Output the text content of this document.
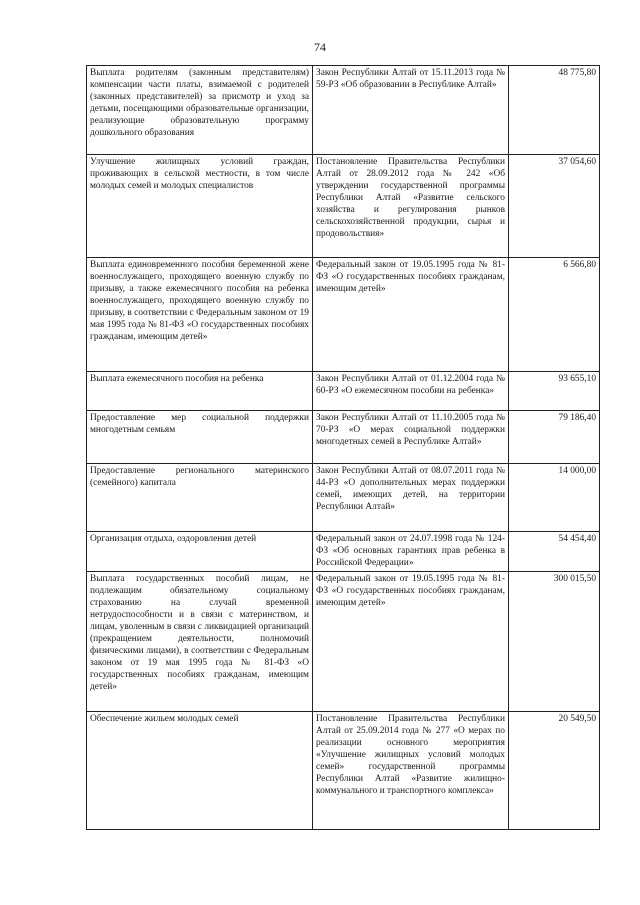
74
Выплата родителям (законным представителям) компенсации части платы, взимаемой с родителей (законных представителей) за присмотр и уход за детьми, посещающими образовательные организации, реализующие образовательную программу дошкольного образования	Закон Республики Алтай от 15.11.2013 года № 59-РЗ «Об образовании в Республике Алтай»	48 775,80
Улучшение жилищных условий граждан, проживающих в сельской местности, в том числе молодых семей и молодых специалистов	Постановление Правительства Республики Алтай от 28.09.2012 года № 242 «Об утверждении государственной программы Республики Алтай «Развитие сельского хозяйства и регулирования рынков сельскохозяйственной продукции, сырья и продовольствия»	37 054,60
Выплата единовременного пособия беременной жене военнослужащего, проходящего военную службу по призыву, а также ежемесячного пособия на ребенка военнослужащего, проходящего военную службу по призыву, в соответствии с Федеральным законом от 19 мая 1995 года № 81-ФЗ «О государственных пособиях гражданам, имеющим детей»	Федеральный закон от 19.05.1995 года № 81-ФЗ «О государственных пособиях гражданам, имеющим детей»	6 566,80
Выплата ежемесячного пособия на ребенка	Закон Республики Алтай от 01.12.2004 года № 60-РЗ «О ежемесячном пособии на ребенка»	93 655,10
Предоставление мер социальной поддержки многодетным семьям	Закон Республики Алтай от 11.10.2005 года № 70-РЗ «О мерах социальной поддержки многодетных семей в Республике Алтай»	79 186,40
Предоставление регионального материнского (семейного) капитала	Закон Республики Алтай от 08.07.2011 года № 44-РЗ «О дополнительных мерах поддержки семей, имеющих детей, на территории Республики Алтай»	14 000,00
Организация отдыха, оздоровления детей	Федеральный закон от 24.07.1998 года № 124-ФЗ «Об основных гарантиях прав ребенка в Российской Федерации»	54 454,40
Выплата государственных пособий лицам, не подлежащим обязательному социальному страхованию на случай временной нетрудоспособности и в связи с материнством, и лицам, уволенным в связи с ликвидацией организаций (прекращением деятельности, полномочий физическими лицами), в соответствии с Федеральным законом от 19 мая 1995 года № 81-ФЗ «О государственных пособиях гражданам, имеющим детей»	Федеральный закон от 19.05.1995 года № 81-ФЗ «О государственных пособиях гражданам, имеющим детей»	300 015,50
Обеспечение жильем молодых семей	Постановление Правительства Республики Алтай от 25.09.2014 года № 277 «О мерах по реализации основного мероприятия «Улучшение жилищных условий молодых семей» государственной программы Республики Алтай «Развитие жилищно-коммунального и транспортного комплекса»	20 549,50
